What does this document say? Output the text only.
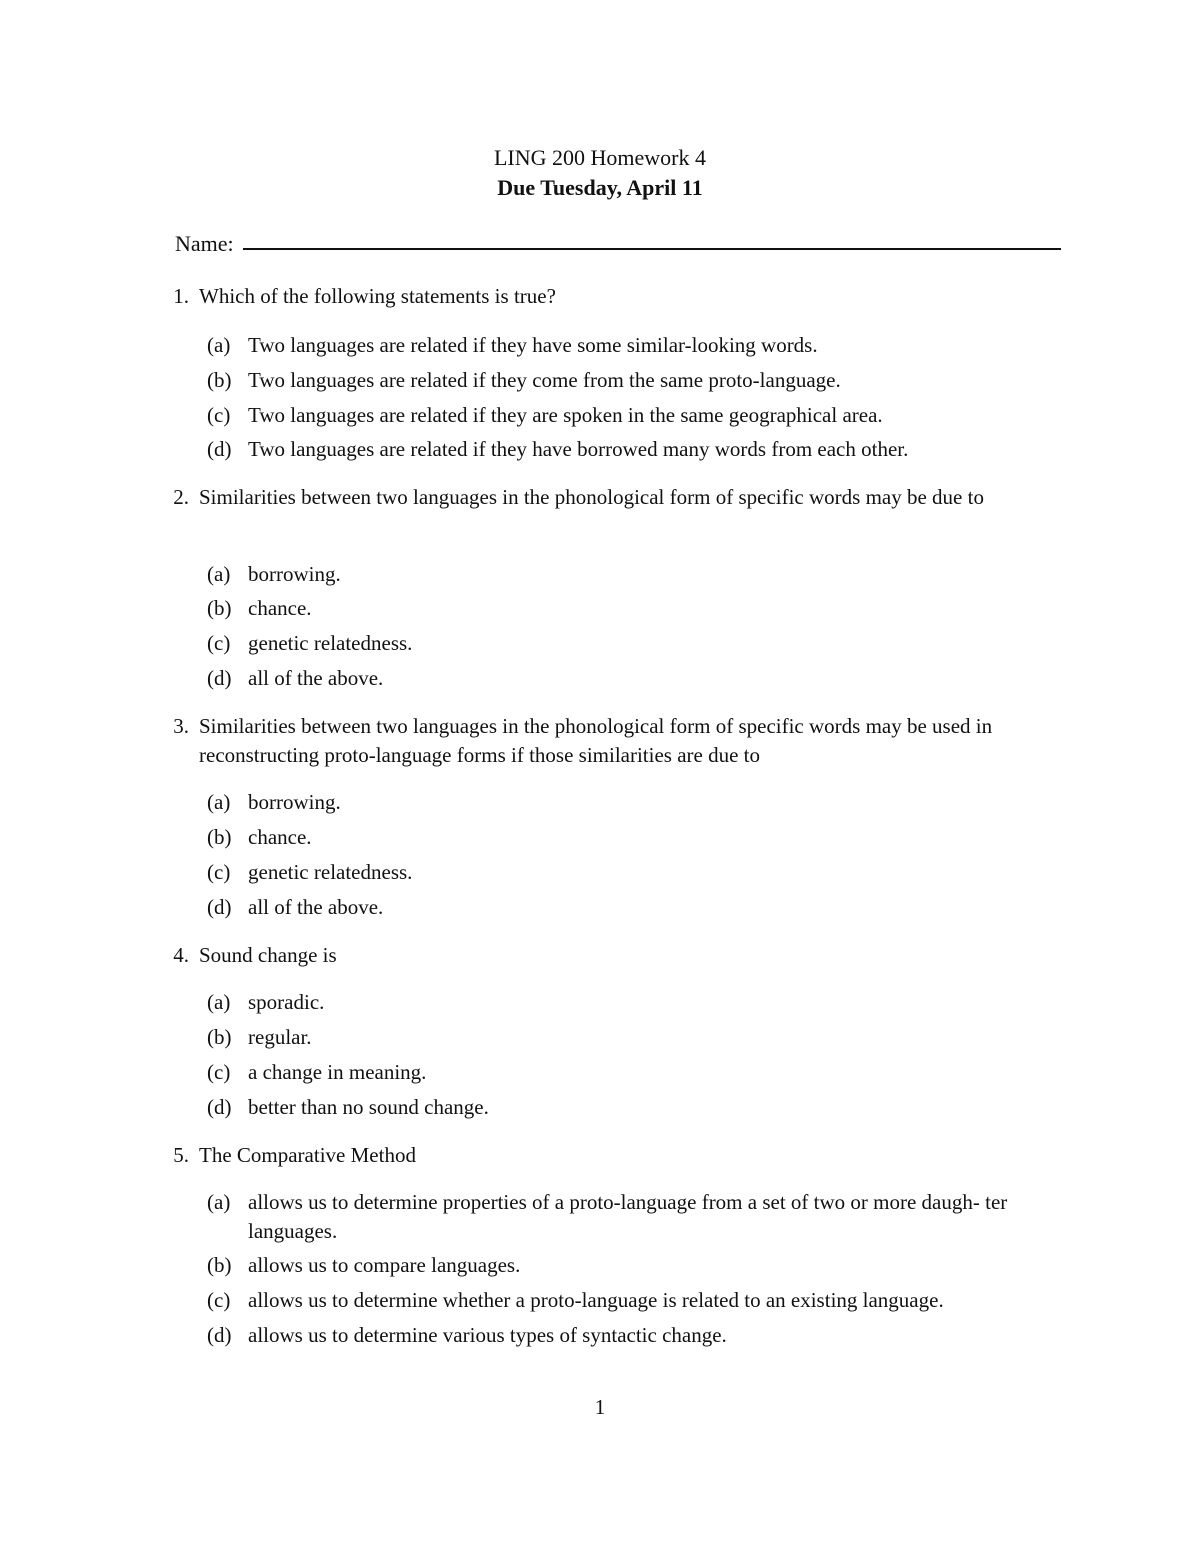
LING 200 Homework 4
Due Tuesday, April 11
Name:
1. Which of the following statements is true?
(a) Two languages are related if they have some similar-looking words.
(b) Two languages are related if they come from the same proto-language.
(c) Two languages are related if they are spoken in the same geographical area.
(d) Two languages are related if they have borrowed many words from each other.
2. Similarities between two languages in the phonological form of specific words may be due to
(a) borrowing.
(b) chance.
(c) genetic relatedness.
(d) all of the above.
3. Similarities between two languages in the phonological form of specific words may be used in reconstructing proto-language forms if those similarities are due to
(a) borrowing.
(b) chance.
(c) genetic relatedness.
(d) all of the above.
4. Sound change is
(a) sporadic.
(b) regular.
(c) a change in meaning.
(d) better than no sound change.
5. The Comparative Method
(a) allows us to determine properties of a proto-language from a set of two or more daugh- ter languages.
(b) allows us to compare languages.
(c) allows us to determine whether a proto-language is related to an existing language.
(d) allows us to determine various types of syntactic change.
1
